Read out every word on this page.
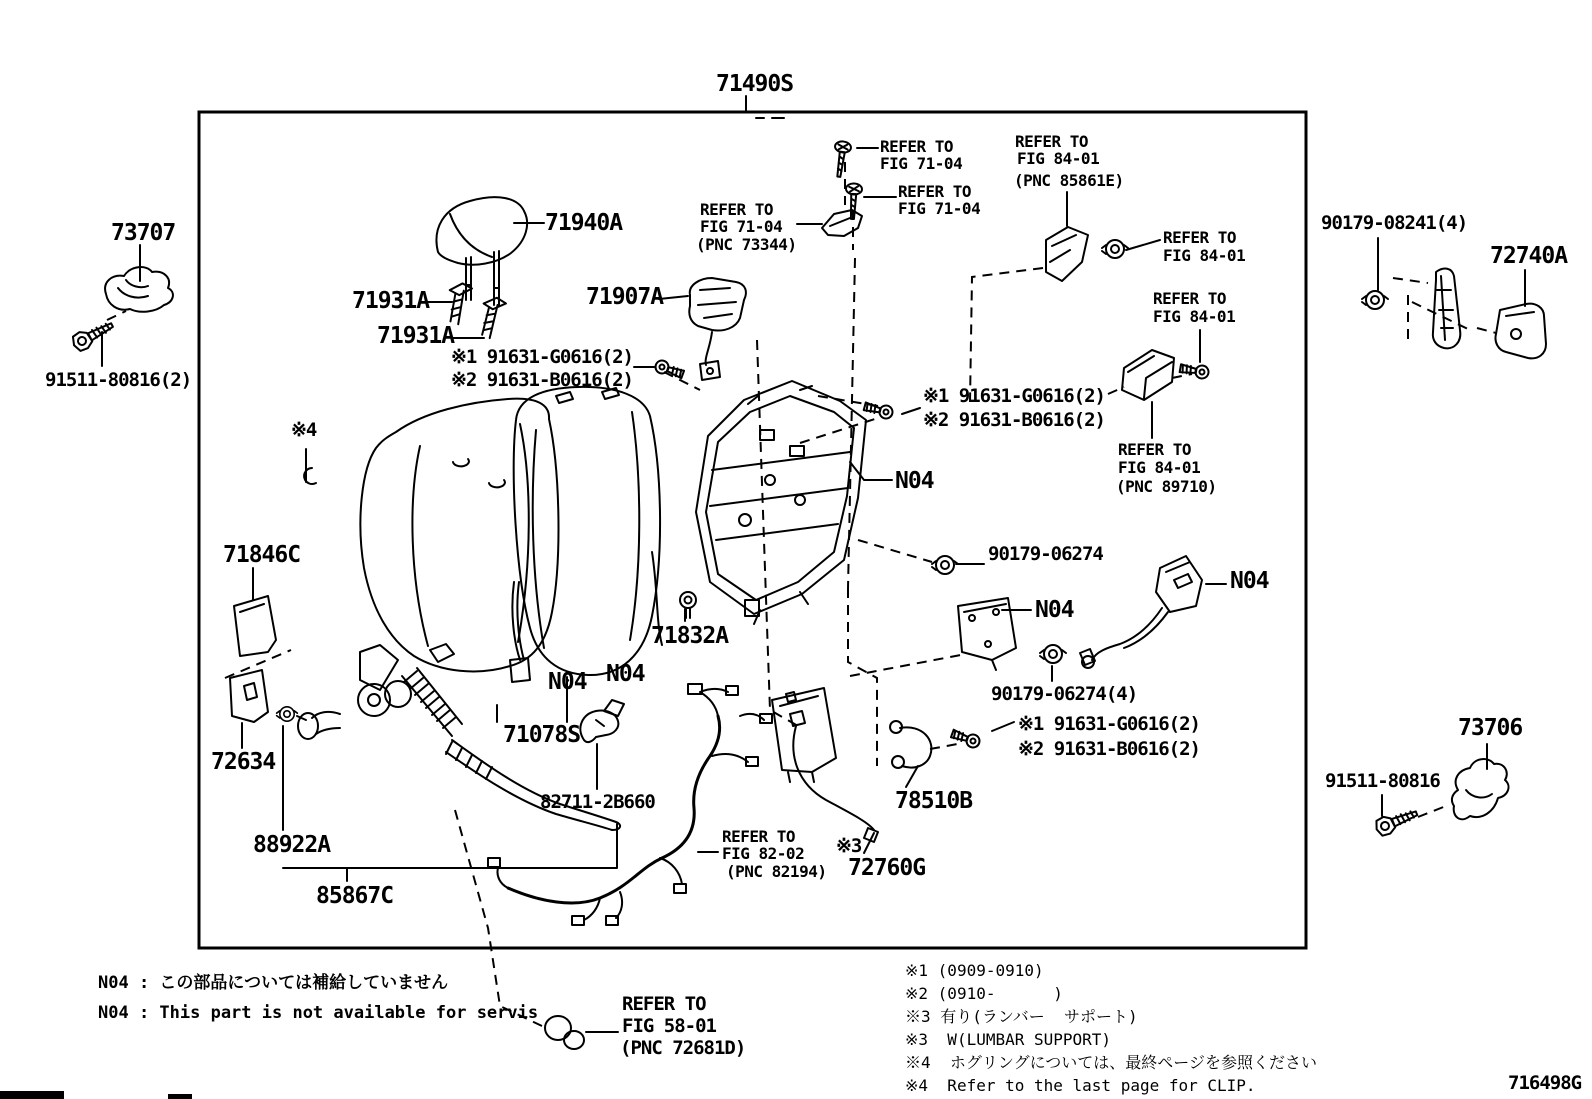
71490S
73707
91511-80816(2)
71940A
71931A
71931A
71907A
REFER TO
FIG 71-04
REFER TO
FIG 71-04
REFER TO
FIG 71-04
(PNC 73344)
REFER TO
FIG 84-01
(PNC 85861E)
REFER TO
FIG 84-01
REFER TO
FIG 84-01
REFER TO
FIG 84-01
(PNC 89710)
90179-08241(4)
72740A
※1 91631-G0616(2)
※2 91631-B0616(2)
※1 91631-G0616(2)
※2 91631-B0616(2)
N04
90179-06274
N04
N04
90179-06274(4)
71846C
72634
88922A
85867C
N04 N04
71078S
82711-2B660
71832A
REFER TO
FIG 82-02
(PNC 82194)
※3
72760G
78510B
※1 91631-G0616(2)
※2 91631-B0616(2)
73706
91511-80816
※4
N04 : この部品については補給していません
N04 : This part is not available for servis	REFER TO
FIG 58-01
(PNC 72681D)
※1 (0909-0910)
※2 (0910-      )
※3 有り(ランバー  サポート)
※3  W(LUMBAR SUPPORT)
※4  ホグリングについては、最終ページを参照ください
※4  Refer to the last page for CLIP.	716498G
